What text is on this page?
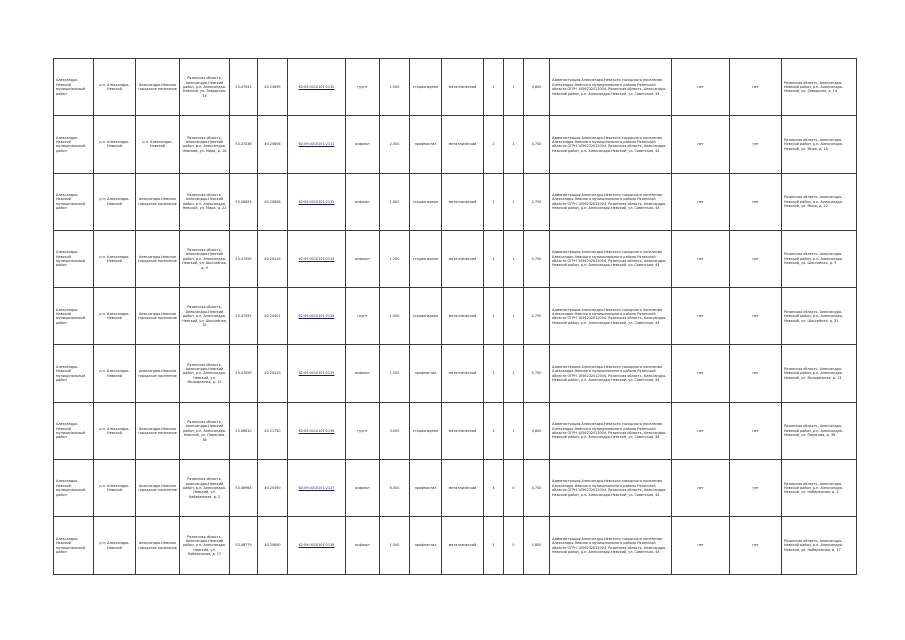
Александро-Невский муниципальный район	р.п. Александро-Невский	Александро-Невское городское поселение	Рязанская область, Александро-Невский район, р.п. Александро-Невский, ул. Заводская, 14	53.47043	40.23699	62:09:0010101:2130	грунт	1.500	стационарное	металлический	1	1	0,800	Администрация Александро-Невского городского поселения Александро-Невского муниципального района Рязанской области ОГРН 1056232012004, Рязанская область, Александро-Невский район, р.п. Александро-Невский, ул. Советская, 44	нет	нет	Рязанская область, Александро-Невский район, р.п. Александро-Невский, ул. Заводская, д. 14
Александро-Невский муниципальный район	р.п. Александро-Невский	р.п. Александро-Невский	Рязанская область, Александро-Невский район, р.п. Александро-Невский, ул. Мира, д. 1А	53.47038	40.20856	62:09:0010101:2131	асфальт	2.000	профнастил	металлический	2	1	0,750	Администрация Александро-Невского городского поселения Александро-Невского муниципального района Рязанской области ОГРН 1056232012004, Рязанская область, Александро-Невский район, р.п. Александро-Невский, ул. Советская, 44	нет	нет	Рязанская область, Александро-Невский район, р.п. Александро-Невский, ул. Мира, д. 1А
Александро-Невский муниципальный район	р.п. Александро-Невский	Александро-Невское городское поселение	Рязанская область, Александро-Невский район, р.п. Александро-Невский, ул. Мира, д. 22	53.46893	40.20856	62:09:0010101:2132	асфальт	1.600	стационарное	металлический	1	1	0,750	Администрация Александро-Невского городского поселения Александро-Невского муниципального района Рязанской области ОГРН 1056232012004, Рязанская область, Александро-Невский район, р.п. Александро-Невский, ул. Советская, 44	нет	нет	Рязанская область, Александро-Невский район, р.п. Александро-Невский, ул. Мира, д. 22
Александро-Невский муниципальный район	р.п. Александро-Невский	Александро-Невское городское поселение	Рязанская область, Александро-Невский район, р.п. Александро-Невский, ул. Шоссейная, д. 9	53.47099	40.20419	62:09:0010101:2133	асфальт	1.200	стационарное	металлический	1	1	0,750	Администрация Александро-Невского городского поселения Александро-Невского муниципального района Рязанской области ОГРН 1056232012004, Рязанская область, Александро-Невский район, р.п. Александро-Невский, ул. Советская, 44	нет	нет	Рязанская область, Александро-Невский район, р.п. Александро-Невский, ул. Шоссейная, д. 9
Александро-Невский муниципальный район	р.п. Александро-Невский	Александро-Невское городское поселение	Рязанская область, Александро-Невский район, р.п. Александро-Невский, ул. Шоссейная, 32	53.47095	40.20401	62:09:0010101:2134	грунт	1.500	стационарное	металлический	1	1	0,750	Администрация Александро-Невского городского поселения Александро-Невского муниципального района Рязанской области ОГРН 1056232012004, Рязанская область, Александро-Невский район, р.п. Александро-Невский, ул. Советская, 44	нет	нет	Рязанская область, Александро-Невский район, р.п. Александро-Невский, ул. Шоссейная, д. 32
Александро-Невский муниципальный район	р.п. Александро-Невский	Александро-Невское городское поселение	Рязанская область, Александро-Невский район, р.п. Александро-Невский, ул. Молодёжная, д. 13	53.47099	40.20419	62:09:0010101:2135	асфальт	1.500	профнастил	металлический	1	1	0,750	Администрация Александро-Невского городского поселения Александро-Невского муниципального района Рязанской области ОГРН 1056232012004, Рязанская область, Александро-Невский район, р.п. Александро-Невский, ул. Советская, 44	нет	нет	Рязанская область, Александро-Невский район, р.п. Александро-Невский, ул. Молодёжная, д. 13
Александро-Невский муниципальный район	р.п. Александро-Невский	Александро-Невское городское поселение	Рязанская область, Александро-Невский район, р.п. Александро-Невский, ул. Пирогова, 36	53.46810	40.21750	62:09:0010101:2136	грунт	3.000	стационарное	металлический	3	1	0,800	Администрация Александро-Невского городского поселения Александро-Невского муниципального района Рязанской области ОГРН 1056232012004, Рязанская область, Александро-Невский район, р.п. Александро-Невский, ул. Советская, 44	нет	нет	Рязанская область, Александро-Невский район, р.п. Александро-Невский, ул. Пирогова, д. 36
Александро-Невский муниципальный район	р.п. Александро-Невский	Александро-Невское городское поселение	Рязанская область, Александро-Невский район, р.п. Александро-Невский, ул. Набережная, д. 2	53.48964	40.20490	62:09:0010101:2137	асфальт	6.000	профнастил	металлический	4	0	0,750	Администрация Александро-Невского городского поселения Александро-Невского муниципального района Рязанской области ОГРН 1056232012004, Рязанская область, Александро-Невский район, р.п. Александро-Невский, ул. Советская, 44	нет	нет	Рязанская область, Александро-Невский район, р.п. Александро-Невский, ул. Набережная, д. 2
Александро-Невский муниципальный район	р.п. Александро-Невский	Александро-Невское городское поселение	Рязанская область, Александро-Невский район, р.п. Александро-Невский, ул. Набережная, д. 17	53.48779	40.20890	62:09:0010101:2138	асфальт	1.500	профнастил	металлический	1	0	0,800	Администрация Александро-Невского городского поселения Александро-Невского муниципального района Рязанской области ОГРН 1056232012004, Рязанская область, Александро-Невский район, р.п. Александро-Невский, ул. Советская, 44	нет	нет	Рязанская область, Александро-Невский район, р.п. Александро-Невский, ул. Набережная, д. 17
